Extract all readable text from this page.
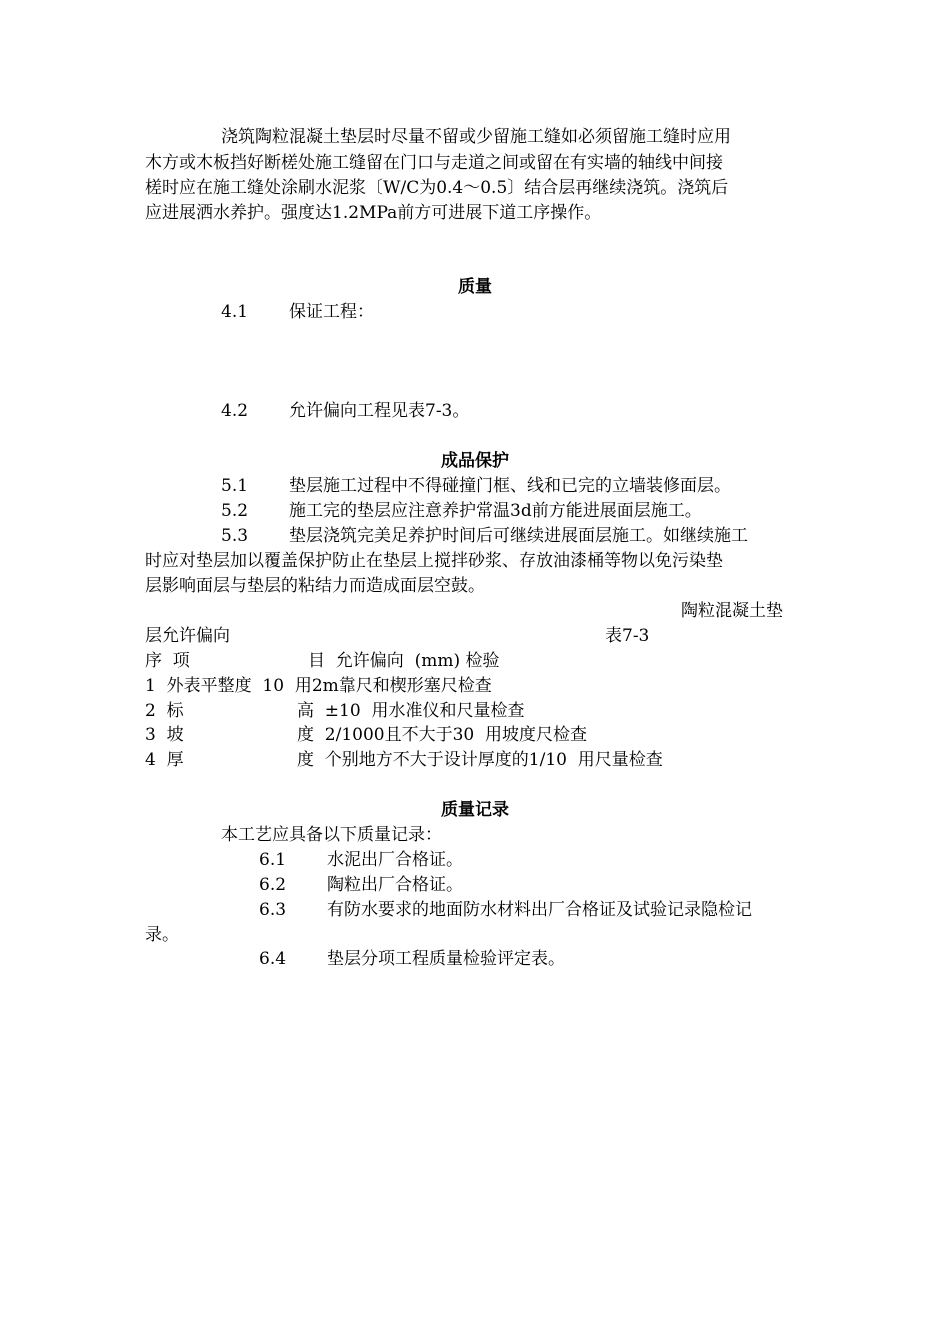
浇筑陶粒混凝土垫层时尽量不留或少留施工缝如必须留施工缝时应用
木方或木板挡好断槎处施工缝留在门口与走道之间或留在有实墙的轴线中间接
槎时应在施工缝处涂刷水泥浆〔W/C为0.4～0.5〕结合层再继续浇筑。浇筑后
应进展洒水养护。强度达1.2MPa前方可进展下道工序操作。
质量
4.1 保证工程：
4.2 允许偏向工程见表7-3。
成品保护
5.1 垫层施工过程中不得碰撞门框、线和已完的立墙装修面层。
5.2 施工完的垫层应注意养护常温3d前方能进展面层施工。
5.3 垫层浇筑完美足养护时间后可继续进展面层施工。如继续施工
时应对垫层加以覆盖保护防止在垫层上搅拌砂浆、存放油漆桶等物以免污染垫
层影响面层与垫层的粘结力而造成面层空鼓。
陶粒混凝土垫
层允许偏向	表7-3
序  项	目  允许偏向  (mm) 检验
1  外表平整度  10  用2m靠尺和楔形塞尺检查
2  标	高  ±10  用水准仪和尺量检查
3  坡	度  2/1000且不大于30  用坡度尺检查
4  厚	度  个别地方不大于设计厚度的1/10  用尺量检查
质量记录
本工艺应具备以下质量记录：
6.1 水泥出厂合格证。
6.2 陶粒出厂合格证。
6.3 有防水要求的地面防水材料出厂合格证及试验记录隐检记
录。
6.4 垫层分项工程质量检验评定表。
